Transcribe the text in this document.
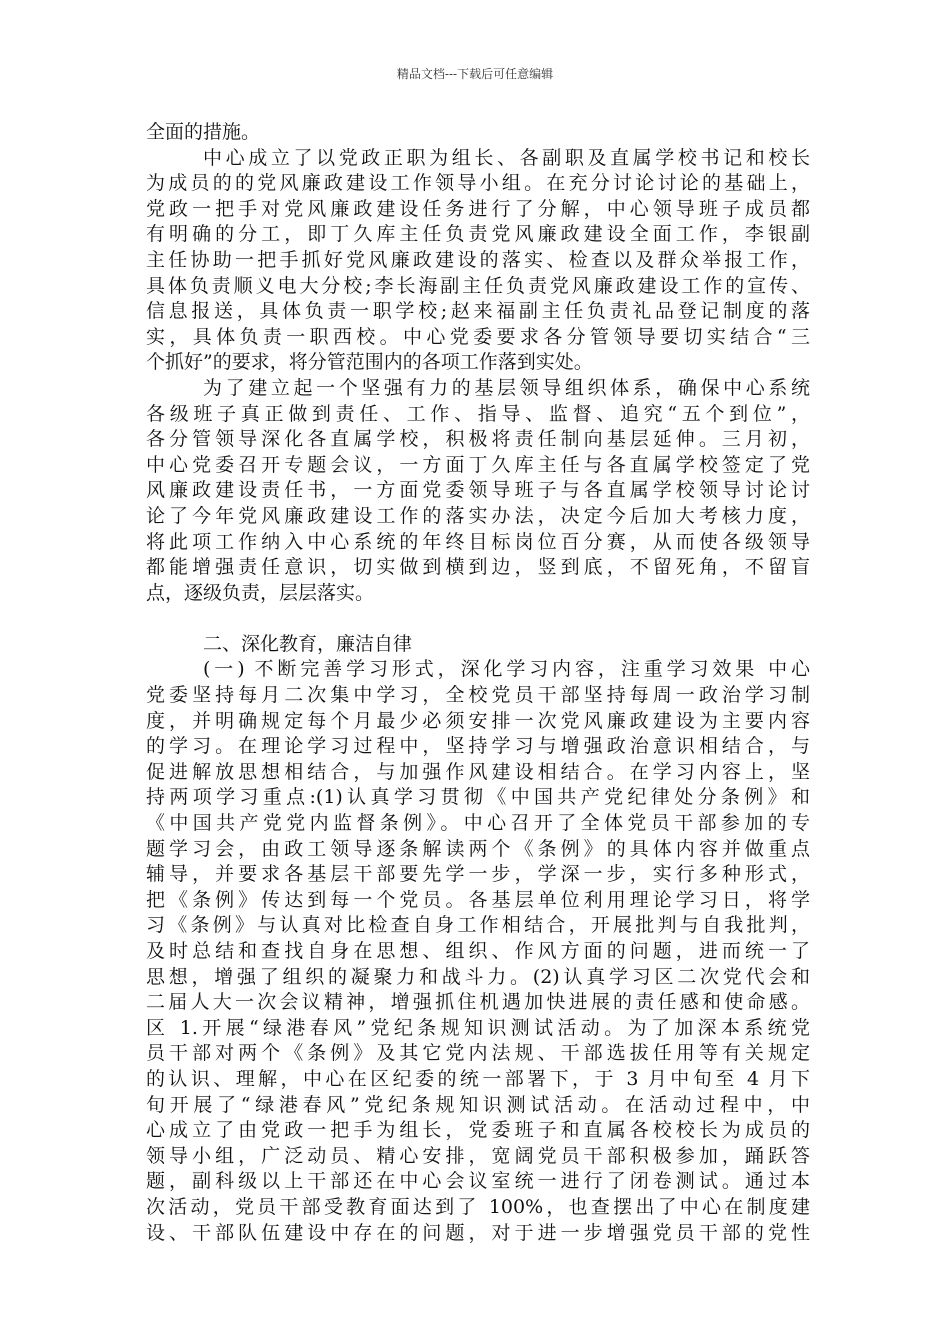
精品文档---下载后可任意编辑
全面的措施。
中心成立了以党政正职为组长、各副职及直属学校书记和校长
为成员的的党风廉政建设工作领导小组。在充分讨论讨论的基础上，
党政一把手对党风廉政建设任务进行了分解，中心领导班子成员都
有明确的分工，即丁久库主任负责党风廉政建设全面工作，李银副
主任协助一把手抓好党风廉政建设的落实、检查以及群众举报工作，
具体负责顺义电大分校;李长海副主任负责党风廉政建设工作的宣传、
信息报送，具体负责一职学校;赵来福副主任负责礼品登记制度的落
实，具体负责一职西校。中心党委要求各分管领导要切实结合“三
个抓好”的要求，将分管范围内的各项工作落到实处。
为了建立起一个坚强有力的基层领导组织体系，确保中心系统
各级班子真正做到责任、工作、指导、监督、追究“五个到位”，
各分管领导深化各直属学校，积极将责任制向基层延伸。三月初，
中心党委召开专题会议，一方面丁久库主任与各直属学校签定了党
风廉政建设责任书，一方面党委领导班子与各直属学校领导讨论讨
论了今年党风廉政建设工作的落实办法，决定今后加大考核力度，
将此项工作纳入中心系统的年终目标岗位百分赛，从而使各级领导
都能增强责任意识，切实做到横到边，竖到底，不留死角，不留盲
点，逐级负责，层层落实。
二、深化教育，廉洁自律
(一) 不断完善学习形式，深化学习内容，注重学习效果 中心
党委坚持每月二次集中学习，全校党员干部坚持每周一政治学习制
度，并明确规定每个月最少必须安排一次党风廉政建设为主要内容
的学习。在理论学习过程中，坚持学习与增强政治意识相结合，与
促进解放思想相结合，与加强作风建设相结合。在学习内容上，坚
持两项学习重点:(1)认真学习贯彻《中国共产党纪律处分条例》和
《中国共产党党内监督条例》。中心召开了全体党员干部参加的专
题学习会，由政工领导逐条解读两个《条例》的具体内容并做重点
辅导，并要求各基层干部要先学一步，学深一步，实行多种形式，
把《条例》传达到每一个党员。各基层单位利用理论学习日，将学
习《条例》与认真对比检查自身工作相结合，开展批判与自我批判，
及时总结和查找自身在思想、组织、作风方面的问题，进而统一了
思想，增强了组织的凝聚力和战斗力。(2)认真学习区二次党代会和
二届人大一次会议精神，增强抓住机遇加快进展的责任感和使命感。
区 1.开展“绿港春风”党纪条规知识测试活动。为了加深本系统党
员干部对两个《条例》及其它党内法规、干部选拔任用等有关规定
的认识、理解，中心在区纪委的统一部署下，于 3 月中旬至 4 月下
旬开展了“绿港春风”党纪条规知识测试活动。在活动过程中，中
心成立了由党政一把手为组长，党委班子和直属各校校长为成员的
领导小组，广泛动员、精心安排，宽阔党员干部积极参加，踊跃答
题，副科级以上干部还在中心会议室统一进行了闭卷测试。通过本
次活动，党员干部受教育面达到了 100%，也查摆出了中心在制度建
设、干部队伍建设中存在的问题，对于进一步增强党员干部的党性
